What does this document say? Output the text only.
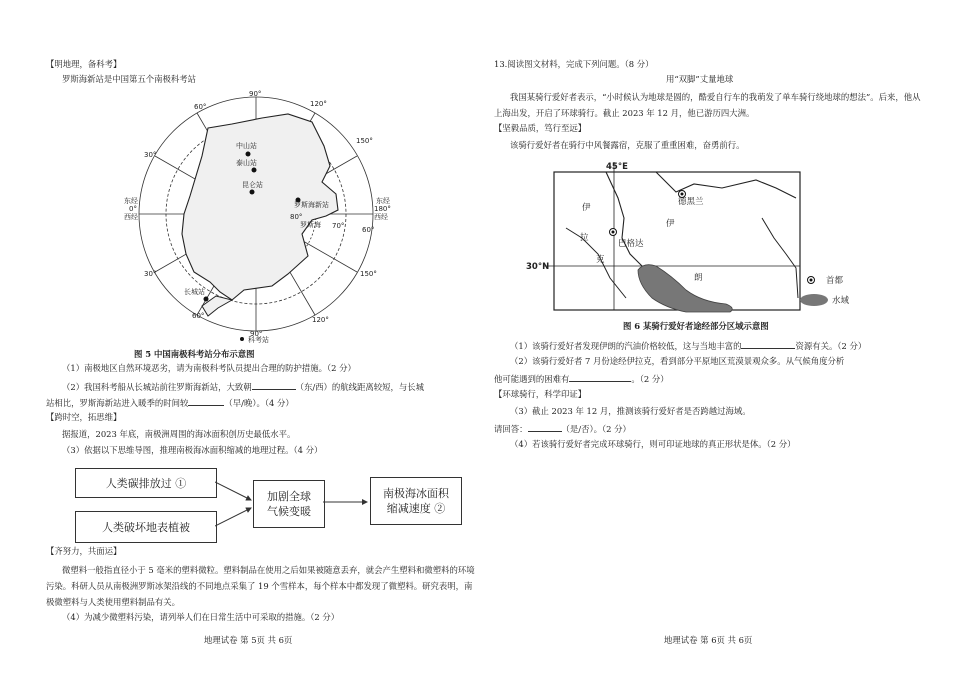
【明地理，备科考】
罗斯海新站是中国第五个南极科考站
90°
120°
150°
东经
180°
西经
150°
120°
90°
60°
30°
东经
0°
西经
30°
60°
60°
70°
80°
中山站
泰山站
昆仑站
罗斯海新站
长城站
罗斯海
科考站
图 5 中国南极科考站分布示意图
（1）南极地区自然环境恶劣，请为南极科考队员提出合理的防护措施。（2 分）
（2）我国科考船从长城站前往罗斯海新站，大致朝	（东/西）的航线距离较短，与长城
站相比，罗斯海新站进入暖季的时间较	（早/晚）。（4 分）
【跨时空，拓思维】
据报道，2023 年底，南极洲周围的海冰面积创历史最低水平。
（3）依据以下思维导图，推理南极海冰面积缩减的地理过程。（4 分）
人类碳排放过 ①
人类破坏地表植被
加剧全球
气候变暖
南极海冰面积
缩减速度 ②
【齐努力，共面运】
微塑料一般指直径小于 5 毫米的塑料微粒。塑料制品在使用之后如果被随意丢弃，就会产生塑料和微塑料的环境污染。科研人员从南极洲罗斯冰架沿线的不同地点采集了 19 个雪样本，每个样本中都发现了微塑料。研究表明，南极微塑料与人类使用塑料制品有关。
（4）为减少微塑料污染，请列举人们在日常生活中可采取的措施。（2 分）
地理试卷 第 5页 共 6页
13.阅读图文材料，完成下列问题。（8 分）
用“双脚”丈量地球
我国某骑行爱好者表示，“小时候认为地球是圆的，酷爱自行车的我萌发了单车骑行绕地球的想法”。后来，他从上海出发，开启了环球骑行。截止 2023 年 12 月，他已游历四大洲。
【坚毅品质，笃行至远】
该骑行爱好者在骑行中风餐露宿，克服了重重困难，奋勇前行。
45°E
30°N
伊
拉
克
伊
朗
德黑兰
巴格达
首都
水域
图 6 某骑行爱好者途经部分区域示意图
（1）该骑行爱好者发现伊朗的汽油价格较低，这与当地丰富的	资源有关。（2 分）
（2）该骑行爱好者 7 月份途经伊拉克，看到部分平原地区荒漠景观众多。从气候角度分析
他可能遇到的困难有	。（2 分）
【环球骑行，科学印证】
（3）截止 2023 年 12 月，推测该骑行爱好者是否跨越过海域。
请回答：	（是/否）。（2 分）
（4）若该骑行爱好者完成环球骑行，则可印证地球的真正形状是体。（2 分）
地理试卷 第 6页 共 6页
